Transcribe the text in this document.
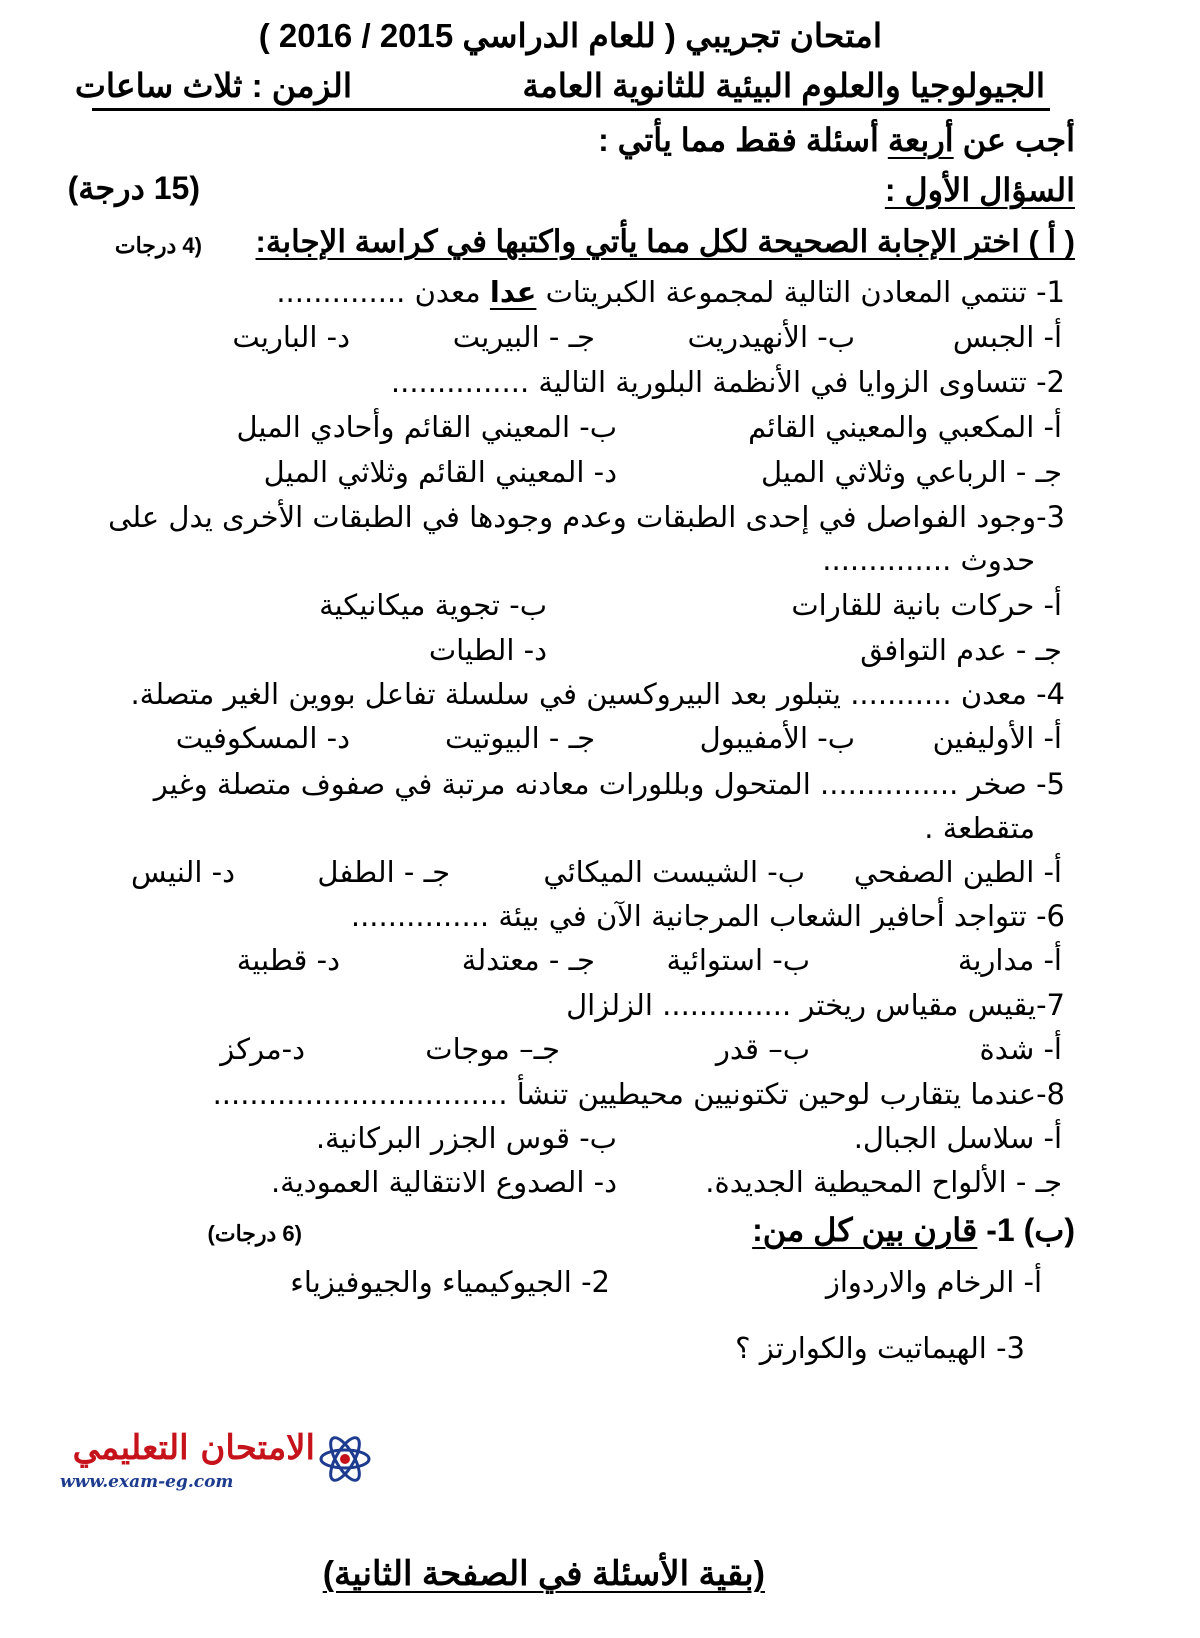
امتحان تجريبي ( للعام الدراسي 2015 / 2016 )
الجيولوجيا والعلوم البيئية للثانوية العامة
الزمن : ثلاث ساعات
أجب عن أربعة أسئلة فقط مما يأتي :
السؤال الأول :
(15 درجة)
( أ ) اختر الإجابة الصحيحة لكل مما يأتي واكتبها في كراسة الإجابة:
(4 درجات
1- تنتمي المعادن التالية لمجموعة الكبريتات عدا معدن ..............
أ- الجبس
ب- الأنهيدريت
جـ - البيريت
د- الباريت
2- تتساوى الزوايا في الأنظمة البلورية التالية ...............
أ- المكعبي والمعيني القائم
ب- المعيني القائم وأحادي الميل
جـ - الرباعي وثلاثي الميل
د- المعيني القائم وثلاثي الميل
3-وجود الفواصل في إحدى الطبقات وعدم وجودها في الطبقات الأخرى يدل على
حدوث ..............
أ- حركات بانية للقارات
ب- تجوية ميكانيكية
جـ - عدم التوافق
د- الطيات
4- معدن ........... يتبلور بعد البيروكسين في سلسلة تفاعل بووين الغير متصلة.
أ- الأوليفين
ب- الأمفيبول
جـ - البيوتيت
د- المسكوفيت
5- صخر ............... المتحول وبللورات معادنه مرتبة في صفوف متصلة وغير
متقطعة .
أ- الطين الصفحي
ب- الشيست الميكائي
جـ - الطفل
د- النيس
6- تتواجد أحافير الشعاب المرجانية الآن في بيئة ...............
أ- مدارية
ب- استوائية
جـ - معتدلة
د- قطبية
7-يقيس مقياس ريختر .............. الزلزال
أ- شدة
ب– قدر
جـ– موجات
د-مركز
8-عندما يتقارب لوحين تكتونيين محيطيين تنشأ ................................
أ- سلاسل الجبال.
ب- قوس الجزر البركانية.
جـ - الألواح المحيطية الجديدة.
د- الصدوع الانتقالية العمودية.
(ب) 1- قارن بين كل من:
(6 درجات)
أ- الرخام والاردواز
2- الجيوكيمياء والجيوفيزياء
3- الهيماتيت والكوارتز ؟
الامتحان التعليمي
www.exam-eg.com
(بقية الأسئلة في الصفحة الثانية)
